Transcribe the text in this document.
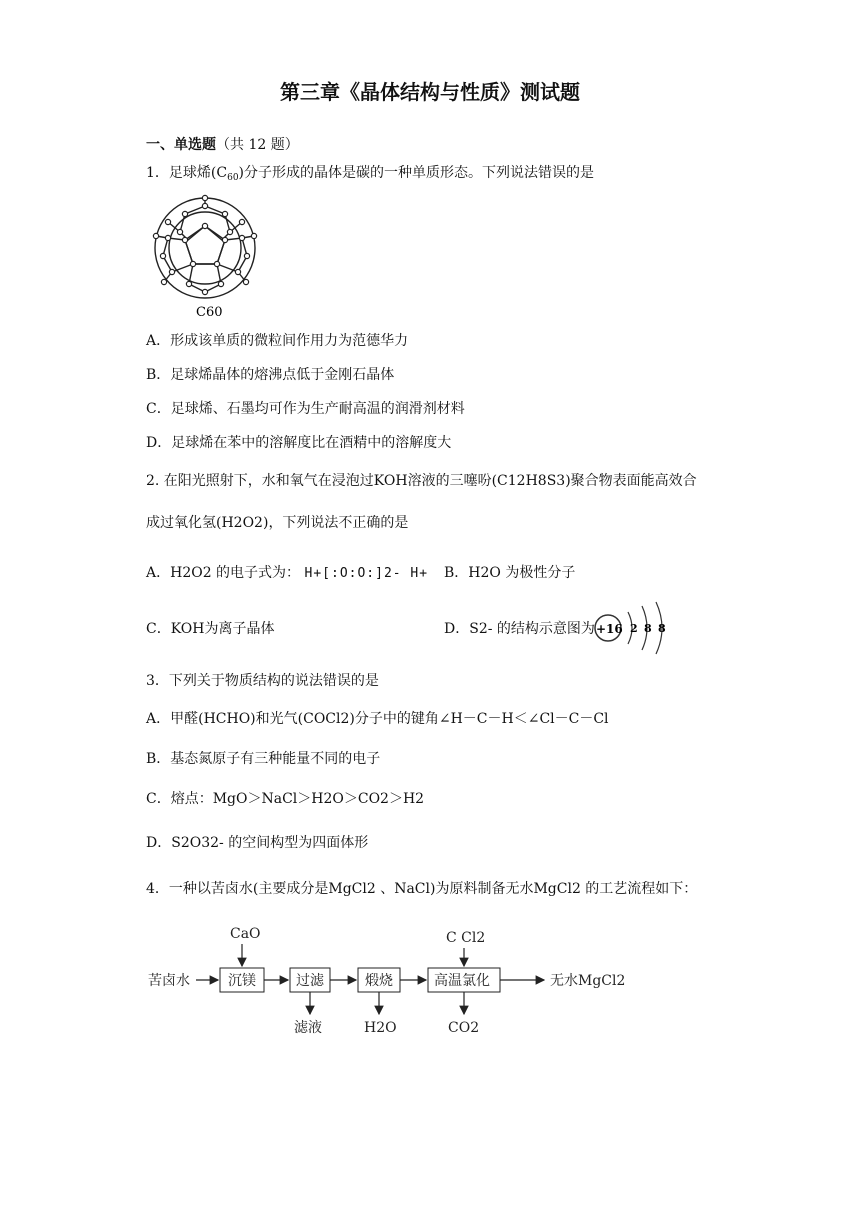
第三章《晶体结构与性质》测试题
一、单选题（共 12 题）
1．足球烯$(C_{60})$分子形成的晶体是碳的一种单质形态。下列说法错误的是
C60
A．形成该单质的微粒间作用力为范德华力
B．足球烯晶体的熔沸点低于金刚石晶体
C．足球烯、石墨均可作为生产耐高温的润滑剂材料
D．足球烯在苯中的溶解度比在酒精中的溶解度大
2. 在阳光照射下，水和氧气在浸泡过KOH溶液的三噻吩(C12H8S3)聚合物表面能高效合
成过氧化氢(H2O2)，下列说法不正确的是
A．H2O2 的电子式为： H+[:O:O:]2- H+ B．H2O 为极性分子
C．KOH为离子晶体	D．S2- 的结构示意图为 +16 2 8 8
3．下列关于物质结构的说法错误的是
A．甲醛(HCHO)和光气(COCl2)分子中的键角∠H－C－H＜∠Cl－C－Cl
B．基态氮原子有三种能量不同的电子
C．熔点：MgO＞NaCl＞H2O＞CO2＞H2
D．S2O32- 的空间构型为四面体形
4．一种以苦卤水(主要成分是MgCl2 、NaCl)为原料制备无水MgCl2 的工艺流程如下：
苦卤水	沉镁	过滤	煅烧	高温氯化	无水MgCl2
CaO	C Cl2
滤液	H2O	CO2
